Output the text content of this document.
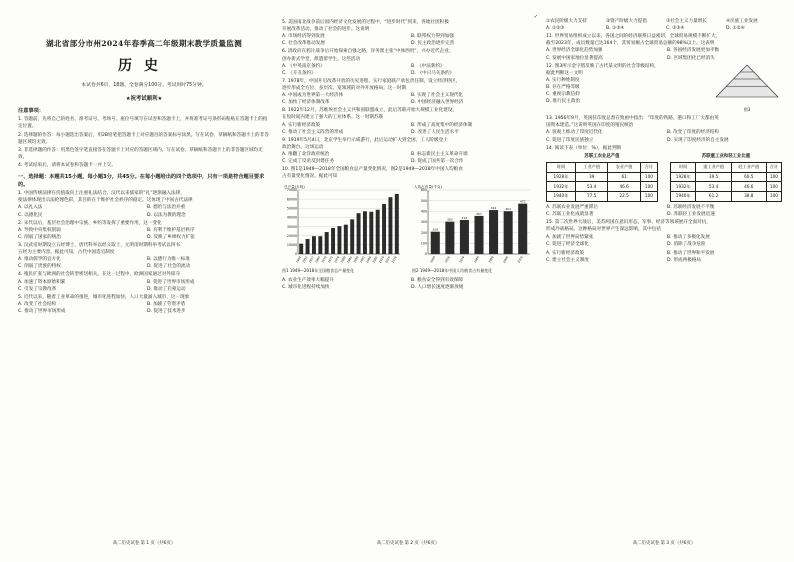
✓
湖北省部分市州2024年春季高二年级期末教学质量监测
历史
本试卷共6页，18题。全卷满分100分。考试用时75分钟。
★祝考试顺利★
注意事项：
1. 答题前，先将自己的姓名、准考证号、考场号、座位号填写在试卷和答题卡上，并将准考证号条形码粘贴在答题卡上的指定位置。
2. 选择题的作答：每小题选出答案后，用2B铅笔把答题卡上对应题目的答案标号涂黑。写在试卷、草稿纸和答题卡上的非答题区域均无效。
3. 非选择题的作答：用黑色签字笔直接答在答题卡上对应的答题区域内。写在试卷、草稿纸和答题卡上的非答题区域均无效。
4. 考试结束后，请将本试卷和答题卡一并上交。
一、选择题：本题共15小题，每小题3分，共45分。在每小题给出的四个选项中，只有一项是符合题目要求的。
1. 中国传统法律在价值取向上注重礼法结合，汉代以来儒家的“礼”逐渐融入法律，
使法律体现出宗法伦理色彩，其目的在于维护社会秩序的稳定。这体现了中国古代法律
A. 以礼入法	B. 德治与法治并重
C. 以德化民	D. 以法为教的理念
2. 宋代以后，基层社会治理中宗族、乡约等发挥了重要作用，这一变化
A. 导致中央集权削弱	B. 有利于维护基层秩序
C. 削弱了国家的统治	D. 反映了乡绅权力扩张
3. 汉武帝时期设立五经博士，唐代科举以经义取士，元明清时期科举考试以四书
五经为主要内容。据此可知，古代中国选官制度
A. 推动儒学的官方化	B. 以德行为唯一标准
C. 削弱了贵族的特权	D. 促进了社会的流动
4. 殖民扩张与欧洲的社会转型密切相关。在这一过程中，欧洲国家通过对外掠夺
A. 加速了资本原始积累	B. 促进了世界市场形成
C. 引发了宗教改革	D. 推动了启蒙运动
5. 近代以来，随着工业革命的推进，城市化进程加快，人口大量涌入城市，这一现象
A. 改变了社会结构	B. 加剧了劳资矛盾
C. 推动了世界市场形成	D. 促进了技术进步
高二历史试卷 第 1 页（共6页）
5. 美国南北战争前后国内经济文化发展的过程中，“进步时代”到来，各地社团积极
开展改革活动，推动了社会的进步。这说明
A. 市场经济得到发展	B. 联邦权力得到加强
C. 社会改革推动发展	D. 民主政治逐步完善
6. 清政府在鸦片战争后开始探索自强之路，洋务派主张“中体西用”，兴办近代企业，
创办新式学堂，派遣留学生。这些活动
A. 《中英南京条约》	B. 《中法新约》
C. 《辛丑条约》	D. 《中日马关条约》
7. 1978年，中国开启改革开放的历史进程，实行家庭联产承包责任制，设立经济特区，
逐步形成全方位、多层次、宽领域的对外开放格局。这一时期
A. 中国成为世界第一大经济体	B. 实现了社会主义现代化
C. 加快了经济体制改革	D. 中国经济融入世界经济
8. 1922年12月，苏维埃社会主义共和国联盟成立，此后苏联开始大规模工业化建设，
在短时间内建立了强大的工业体系。这一时期苏联
A. 实行新经济政策	B. 形成了高度集中的经济体制
C. 推动了社会主义阵营的形成	D. 改善了人民生活水平
9. 1919年5月4日，北京学生举行示威游行，此后运动扩大到全国，工人阶级登上
政治舞台。这场运动
A. 推翻了北洋政府统治	B. 标志新民主主义革命开端
C. 完成了反帝反封建任务	D. 促成了国共第一次合作
10. 图1是1949—2018年全国粮食总产量变化情况，图2是1949—2018年中国人均粮食
占有量变化情况。据此可知
总产量(万吨)
0
10000
20000
30000
40000
50000
60000
70000
1949 1952 1957 1965 1970 1975 1978 1980 1985 1990 1995 2000 2005 2010 2015 2018
图1 1949—2018年全国粮食总产量变化
人均占有量(千克)
0
100
200
300
400
500
600
209
1949
303
1958
319
1978
357
1988
412
1998
401
2008
472
2018
图2 1949—2018年中国人均粮食占有量变化
A. 农业生产效率大幅提升	B. 粮食安全得到有效保障
C. 城市化进程持续加快	D. 人口增长速度逐渐放缓
高二历史试卷 第 2 页（共6页）
①农民阶级大力支持	②资产阶级大力提倡	③社会主义力量增长	④民族工业发展
A. ①②③	B. ①③④	C. ②③④	D. ①②④
11. 世界贸易组织成立以来，各国之间的经济联系日益密切，全球贸易规模不断扩大，
截至2023年，成员数量已达164个，其贸易额占全球贸易总额的98%以上。这表明
A. 世界经济全球化趋势加强	B. 各国经济发展更加平衡
C. 发展中国家地位显著提高	D. 区域集团化已经消失
12. 图3所示金字塔反映了古代某文明的社会等级结构，
据此判断这一文明
A. 实行种姓制度
B. 存在严格等级
C. 重视宗教信仰
D. 推行民主政治
图3
13. 1956年9月，英国驻印度总督在致函中指出：“印度的铁路、港口和工厂大都由英
国资本建造。”这说明英国在印度的殖民统治
A. 客观上推动了印度近代化	B. 改变了印度的经济结构
C. 促进了印度民族独立	D. 实现了印度经济的自主发展
14. 阅读下表（单位：%），据此判断
苏联工农业总产值
时间	工业产值	农业产值	合计
1928年	39	61	100
1932年	53.4	46.6	100
1940年	77.5	22.5	100
苏联重工业和轻工业比重
时间	重工业产值	轻工业产值	合计
1928年	39.5	60.5	100
1932年	53.4	46.6	100
1940年	61.2	38.8	100
A. 苏联农业发展严重滞后	B. 苏联经济发展不平衡
C. 苏联工业化成就显著	D. 苏联轻工业发展迅速
15. 第二次世界大战后，美苏两国在意识形态、军事、经济等领域展开全面对抗，
形成冷战格局。这种格局对世界产生深远影响，其中包括
A. 加剧了世界局势紧张	B. 推动了多极化发展
C. 促进了经济全球化	D. 消除了战争危险
A. 实行新经济政策	B. 推动了世界和平发展
C. 建立社会主义制度	D. 形成两极格局
高二历史试卷 第 3 页（共6页）
